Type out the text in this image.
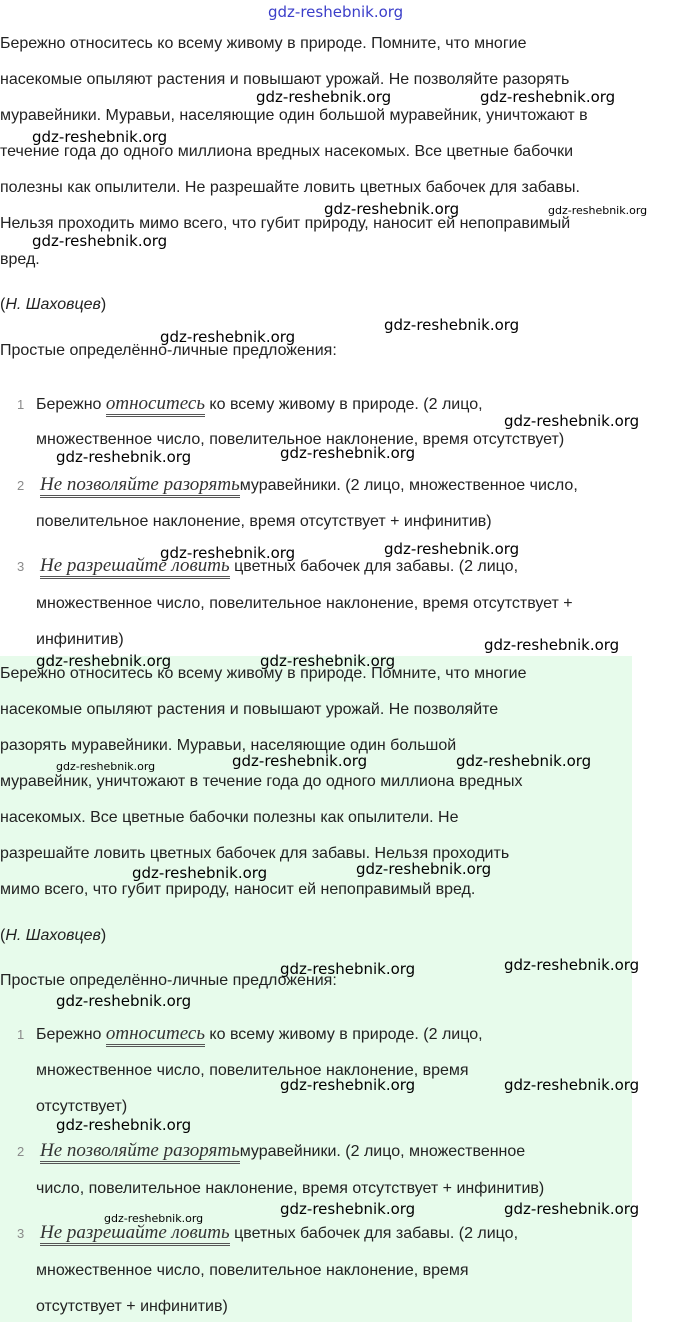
Бережно относитесь ко всему живому в природе. Помните, что многие
насекомые опыляют растения и повышают урожай. Не позволяйте разорять
муравейники. Муравьи, населяющие один большой муравейник, уничтожают в
течение года до одного миллиона вредных насекомых. Все цветные бабочки
полезны как опылители. Не разрешайте ловить цветных бабочек для забавы.
Нельзя проходить мимо всего, что губит природу, наносит ей непоправимый
вред.
(Н. Шаховцев)
Простые определённо-личные предложения:
1 Бережно относитесь ко всему живому в природе. (2 лицо,
множественное число, повелительное наклонение, время отсутствует)
2 Не позволяйте разорятьмуравейники. (2 лицо, множественное число,
повелительное наклонение, время отсутствует + инфинитив)
3 Не разрешайте ловить цветных бабочек для забавы. (2 лицо,
множественное число, повелительное наклонение, время отсутствует +
инфинитив)
Бережно относитесь ко всему живому в природе. Помните, что многие
насекомые опыляют растения и повышают урожай. Не позволяйте
разорять муравейники. Муравьи, населяющие один большой
муравейник, уничтожают в течение года до одного миллиона вредных
насекомых. Все цветные бабочки полезны как опылители. Не
разрешайте ловить цветных бабочек для забавы. Нельзя проходить
мимо всего, что губит природу, наносит ей непоправимый вред.
(Н. Шаховцев)
Простые определённо-личные предложения:
1 Бережно относитесь ко всему живому в природе. (2 лицо,
множественное число, повелительное наклонение, время
отсутствует)
2 Не позволяйте разорятьмуравейники. (2 лицо, множественное
число, повелительное наклонение, время отсутствует + инфинитив)
3 Не разрешайте ловить цветных бабочек для забавы. (2 лицо,
множественное число, повелительное наклонение, время
отсутствует + инфинитив)
gdz-reshebnik.org
gdz-reshebnik.org	gdz-reshebnik.org
gdz-reshebnik.org
gdz-reshebnik.org	gdz-reshebnik.org
gdz-reshebnik.org
gdz-reshebnik.org
gdz-reshebnik.org
gdz-reshebnik.org
gdz-reshebnik.org	gdz-reshebnik.org
gdz-reshebnik.org	gdz-reshebnik.org
gdz-reshebnik.org
gdz-reshebnik.org	gdz-reshebnik.org
gdz-reshebnik.org	gdz-reshebnik.org
gdz-reshebnik.org
gdz-reshebnik.org	gdz-reshebnik.org
gdz-reshebnik.org	gdz-reshebnik.org
gdz-reshebnik.org
gdz-reshebnik.org	gdz-reshebnik.org
gdz-reshebnik.org
gdz-reshebnik.org	gdz-reshebnik.org
gdz-reshebnik.org
